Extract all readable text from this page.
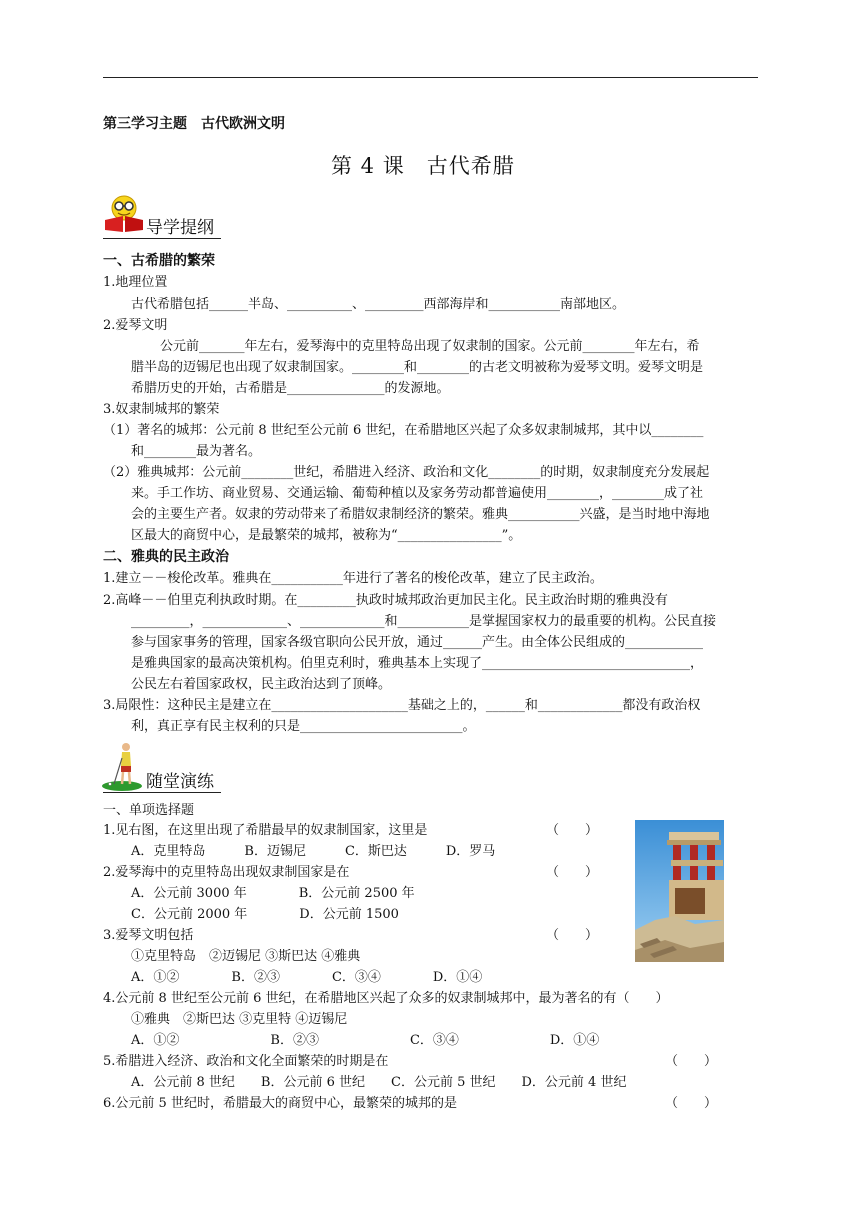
第三学习主题　古代欧洲文明
第 4 课　古代希腊
导学提纲
一、古希腊的繁荣
1.地理位置
古代希腊包括______半岛、__________、_________西部海岸和___________南部地区。
2.爱琴文明
公元前_______年左右，爱琴海中的克里特岛出现了奴隶制的国家。公元前________年左右，希
腊半岛的迈锡尼也出现了奴隶制国家。________和________的古老文明被称为爱琴文明。爱琴文明是
希腊历史的开始，古希腊是_______________的发源地。
3.奴隶制城邦的繁荣
（1）著名的城邦：公元前 8 世纪至公元前 6 世纪，在希腊地区兴起了众多奴隶制城邦，其中以________
和________最为著名。
（2）雅典城邦：公元前________世纪，希腊进入经济、政治和文化________的时期，奴隶制度充分发展起
来。手工作坊、商业贸易、交通运输、葡萄种植以及家务劳动都普遍使用________，________成了社
会的主要生产者。奴隶的劳动带来了希腊奴隶制经济的繁荣。雅典___________兴盛，是当时地中海地
区最大的商贸中心，是最繁荣的城邦，被称为“________________”。
二、雅典的民主政治
1.建立－－梭伦改革。雅典在___________年进行了著名的梭伦改革，建立了民主政治。
2.高峰－－伯里克利执政时期。在_________执政时城邦政治更加民主化。民主政治时期的雅典没有
_________，_____________、_____________和___________是掌握国家权力的最重要的机构。公民直接
参与国家事务的管理，国家各级官职向公民开放，通过______产生。由全体公民组成的____________
是雅典国家的最高决策机构。伯里克利时，雅典基本上实现了________________________________，
公民左右着国家政权，民主政治达到了顶峰。
3.局限性：这种民主是建立在_____________________基础之上的，______和_____________都没有政治权
利，真正享有民主权利的只是_________________________。
随堂演练
一、单项选择题
1.见右图，在这里出现了希腊最早的奴隶制国家，这里是	（　　）
A．克里特岛　　　B．迈锡尼　　　C．斯巴达　　　D．罗马
2.爱琴海中的克里特岛出现奴隶制国家是在	（　　）
A．公元前 3000 年　　　　B．公元前 2500 年
C．公元前 2000 年　　　　D．公元前 1500
3.爱琴文明包括	（　　）
①克里特岛　②迈锡尼 ③斯巴达 ④雅典
A．①②　　　　B．②③　　　　C．③④　　　　D．①④
4.公元前 8 世纪至公元前 6 世纪，在希腊地区兴起了众多的奴隶制城邦中，最为著名的有（　　）
①雅典　②斯巴达 ③克里特 ④迈锡尼
A．①②　　　　　　　B．②③　　　　　　　C．③④　　　　　　　D．①④
5.希腊进入经济、政治和文化全面繁荣的时期是在	（　　）
A．公元前 8 世纪　　B．公元前 6 世纪　　C．公元前 5 世纪　　D．公元前 4 世纪
6.公元前 5 世纪时，希腊最大的商贸中心，最繁荣的城邦的是	（　　）
